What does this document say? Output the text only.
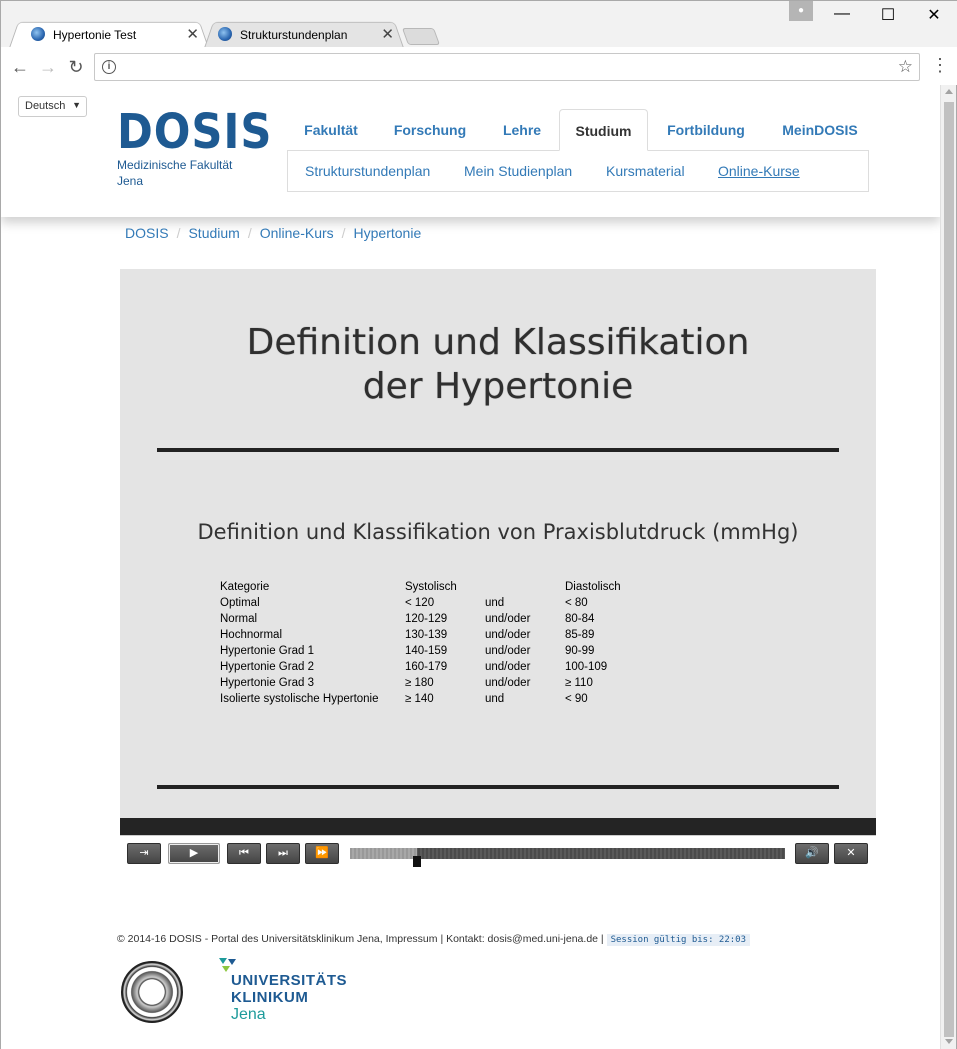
Hypertonie Test	✕	Strukturstundenplan ✕
●	—	☐	✕
← → ↻	i	☆ ⋮
Deutsch ▼ DOSIS
Medizinische Fakultät
Jena
Fakultät	Forschung	Lehre	Studium	Fortbildung	MeinDOSIS
Strukturstundenplan Mein Studienplan Kursmaterial Online-Kurse
DOSIS / Studium / Online-Kurs / Hypertonie
Definition und Klassifikation
der Hypertonie
Definition und Klassifikation von Praxisblutdruck (mmHg)
Kategorie	Systolisch		Diastolisch
Optimal	< 120	und	< 80
Normal	120-129	und/oder	80-84
Hochnormal	130-139	und/oder	85-89
Hypertonie Grad 1	140-159	und/oder	90-99
Hypertonie Grad 2	160-179	und/oder	100-109
Hypertonie Grad 3	≥ 180	und/oder	≥ 110
Isolierte systolische Hypertonie	≥ 140	und	< 90
⇥	▶	⏮	⏭	⏩	🔊	✕
© 2014-16 DOSIS - Portal des Universitätsklinikum Jena, Impressum | Kontakt: dosis@med.uni-jena.de | Session gültig bis: 22:03
UNIVERSITÄTS
KLINIKUM
Jena
